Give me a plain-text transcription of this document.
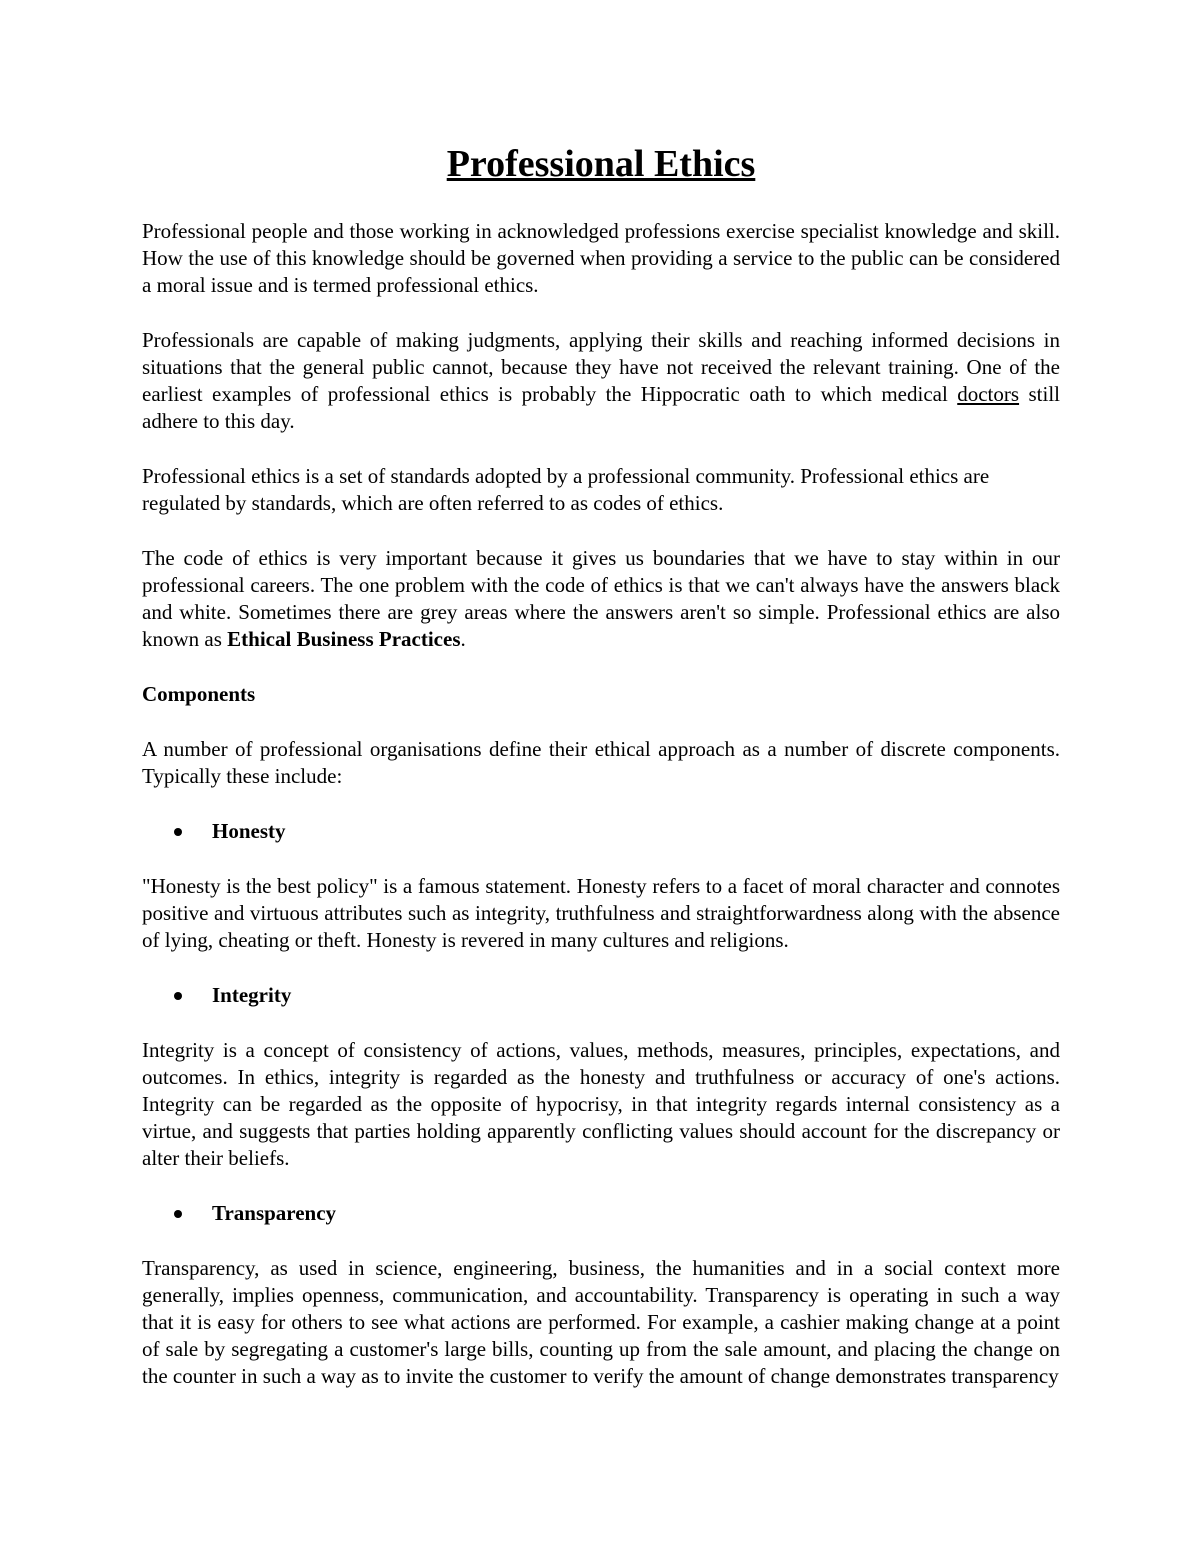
Professional Ethics

Professional people and those working in acknowledged professions exercise specialist knowledge and skill. How the use of this knowledge should be governed when providing a service to the public can be considered a moral issue and is termed professional ethics.

Professionals are capable of making judgments, applying their skills and reaching informed decisions in situations that the general public cannot, because they have not received the relevant training. One of the earliest examples of professional ethics is probably the Hippocratic oath to which medical doctors still adhere to this day.

Professional ethics is a set of standards adopted by a professional community. Professional ethics are regulated by standards, which are often referred to as codes of ethics.

The code of ethics is very important because it gives us boundaries that we have to stay within in our professional careers. The one problem with the code of ethics is that we can't always have the answers black and white. Sometimes there are grey areas where the answers aren't so simple. Professional ethics are also known as Ethical Business Practices.

Components

A number of professional organisations define their ethical approach as a number of discrete components. Typically these include:

Honesty

"Honesty is the best policy" is a famous statement. Honesty refers to a facet of moral character and connotes positive and virtuous attributes such as integrity, truthfulness and straightforwardness along with the absence of lying, cheating or theft. Honesty is revered in many cultures and religions.

Integrity

Integrity is a concept of consistency of actions, values, methods, measures, principles, expectations, and outcomes. In ethics, integrity is regarded as the honesty and truthfulness or accuracy of one's actions. Integrity can be regarded as the opposite of hypocrisy, in that integrity regards internal consistency as a virtue, and suggests that parties holding apparently conflicting values should account for the discrepancy or alter their beliefs.

Transparency

Transparency, as used in science, engineering, business, the humanities and in a social context more generally, implies openness, communication, and accountability. Transparency is operating in such a way that it is easy for others to see what actions are performed. For example, a cashier making change at a point of sale by segregating a customer's large bills, counting up from the sale amount, and placing the change on the counter in such a way as to invite the customer to verify the amount of change demonstrates transparency
